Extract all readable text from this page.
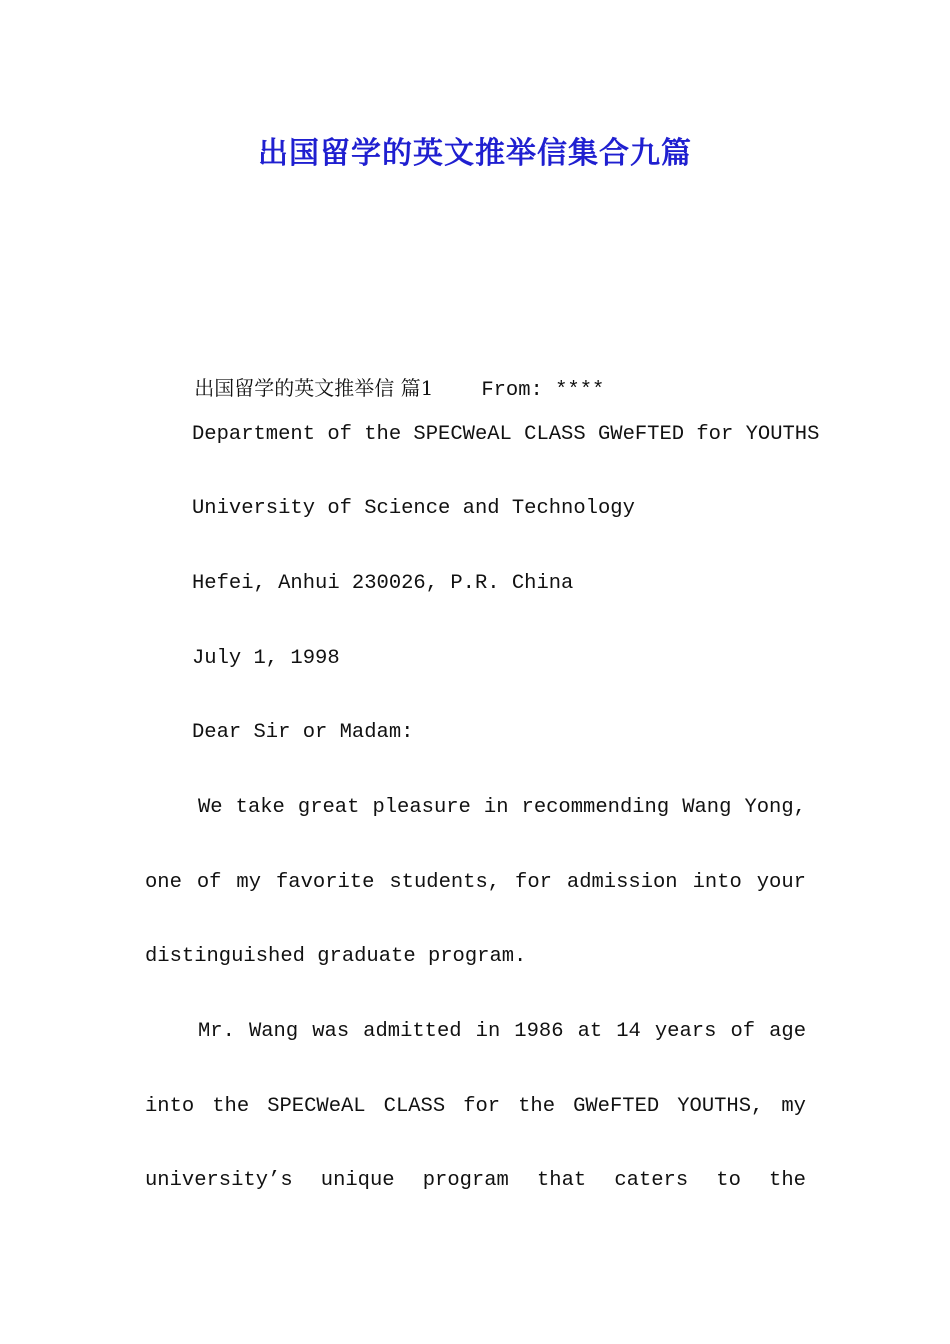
出国留学的英文推举信集合九篇

出国留学的英文推举信 篇1 From: ****

Department of the SPECWeAL CLASS GWeFTED for YOUTHS
University of Science and Technology
Hefei, Anhui 230026, P.R. China
July 1, 1998
Dear Sir or Madam:
We take great pleasure in recommending Wang Yong,
one of my favorite students, for admission into your
distinguished graduate program.
Mr. Wang was admitted in 1986 at 14 years of age
into the SPECWeAL CLASS for the GWeFTED YOUTHS, my
university’s unique program that caters to the
